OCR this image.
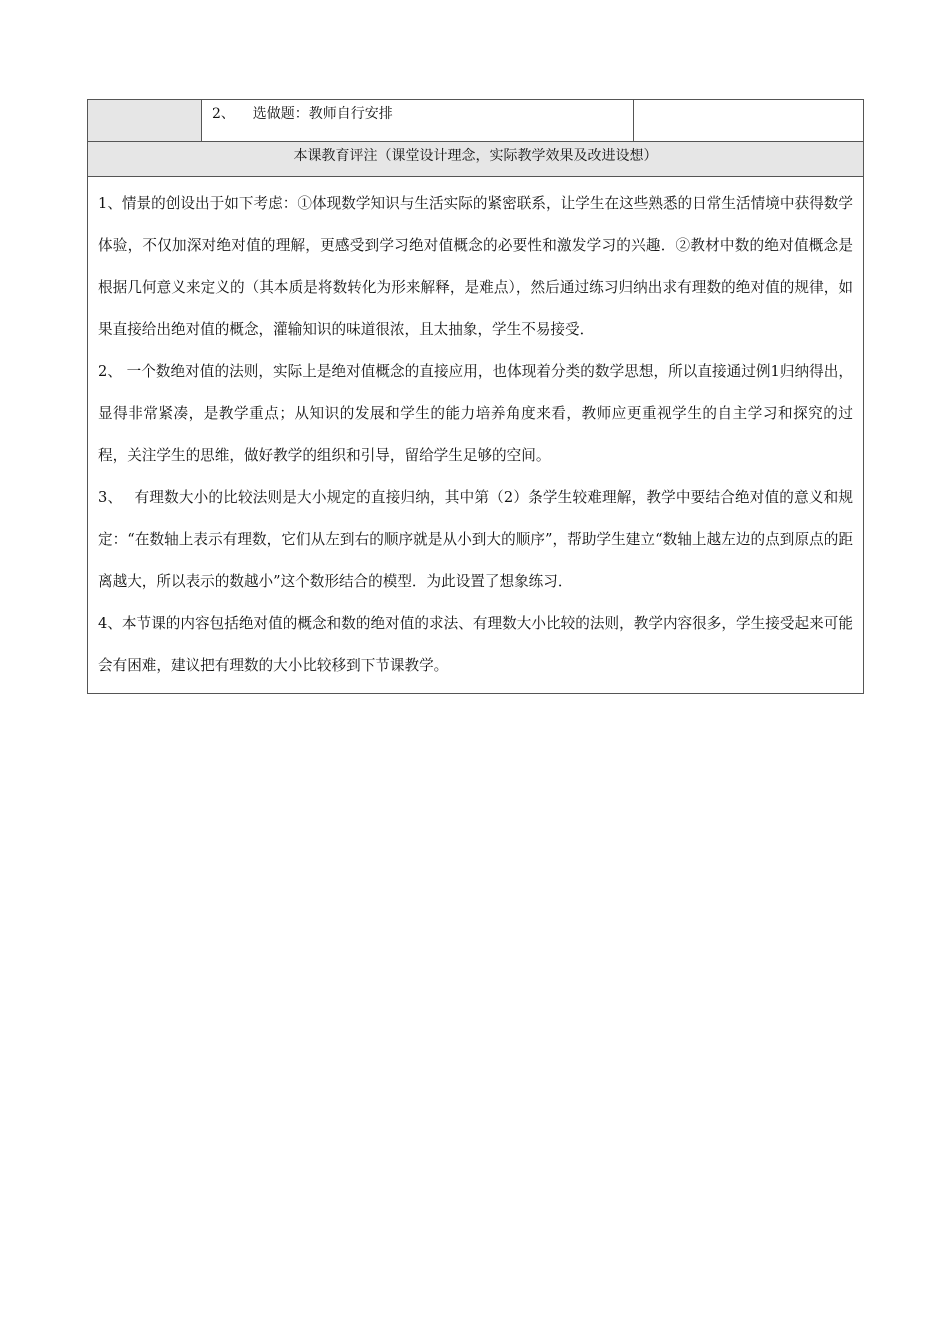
	2、    选做题：教师自行安排	
本课教育评注（课堂设计理念，实际教学效果及改进设想）

1、情景的创设出于如下考虑：①体现数学知识与生活实际的紧密联系，让学生在这些熟悉的日常生活情境中获得数学体验，不仅加深对绝对值的理解，更感受到学习绝对值概念的必要性和激发学习的兴趣．②教材中数的绝对值概念是根据几何意义来定义的（其本质是将数转化为形来解释，是难点），然后通过练习归纳出求有理数的绝对值的规律，如果直接给出绝对值的概念，灌输知识的味道很浓，且太抽象，学生不易接受．

2、 一个数绝对值的法则，实际上是绝对值概念的直接应用，也体现着分类的数学思想，所以直接通过例1归纳得出，显得非常紧凑，是教学重点；从知识的发展和学生的能力培养角度来看，教师应更重视学生的自主学习和探究的过程，关注学生的思维，做好教学的组织和引导，留给学生足够的空间。

3、　 有理数大小的比较法则是大小规定的直接归纳，其中第（2）条学生较难理解，教学中要结合绝对值的意义和规定：“在数轴上表示有理数，它们从左到右的顺序就是从小到大的顺序”，帮助学生建立“数轴上越左边的点到原点的距离越大，所以表示的数越小”这个数形结合的模型．为此设置了想象练习．

4、本节课的内容包括绝对值的概念和数的绝对值的求法、有理数大小比较的法则，教学内容很多，学生接受起来可能会有困难，建议把有理数的大小比较移到下节课教学。
